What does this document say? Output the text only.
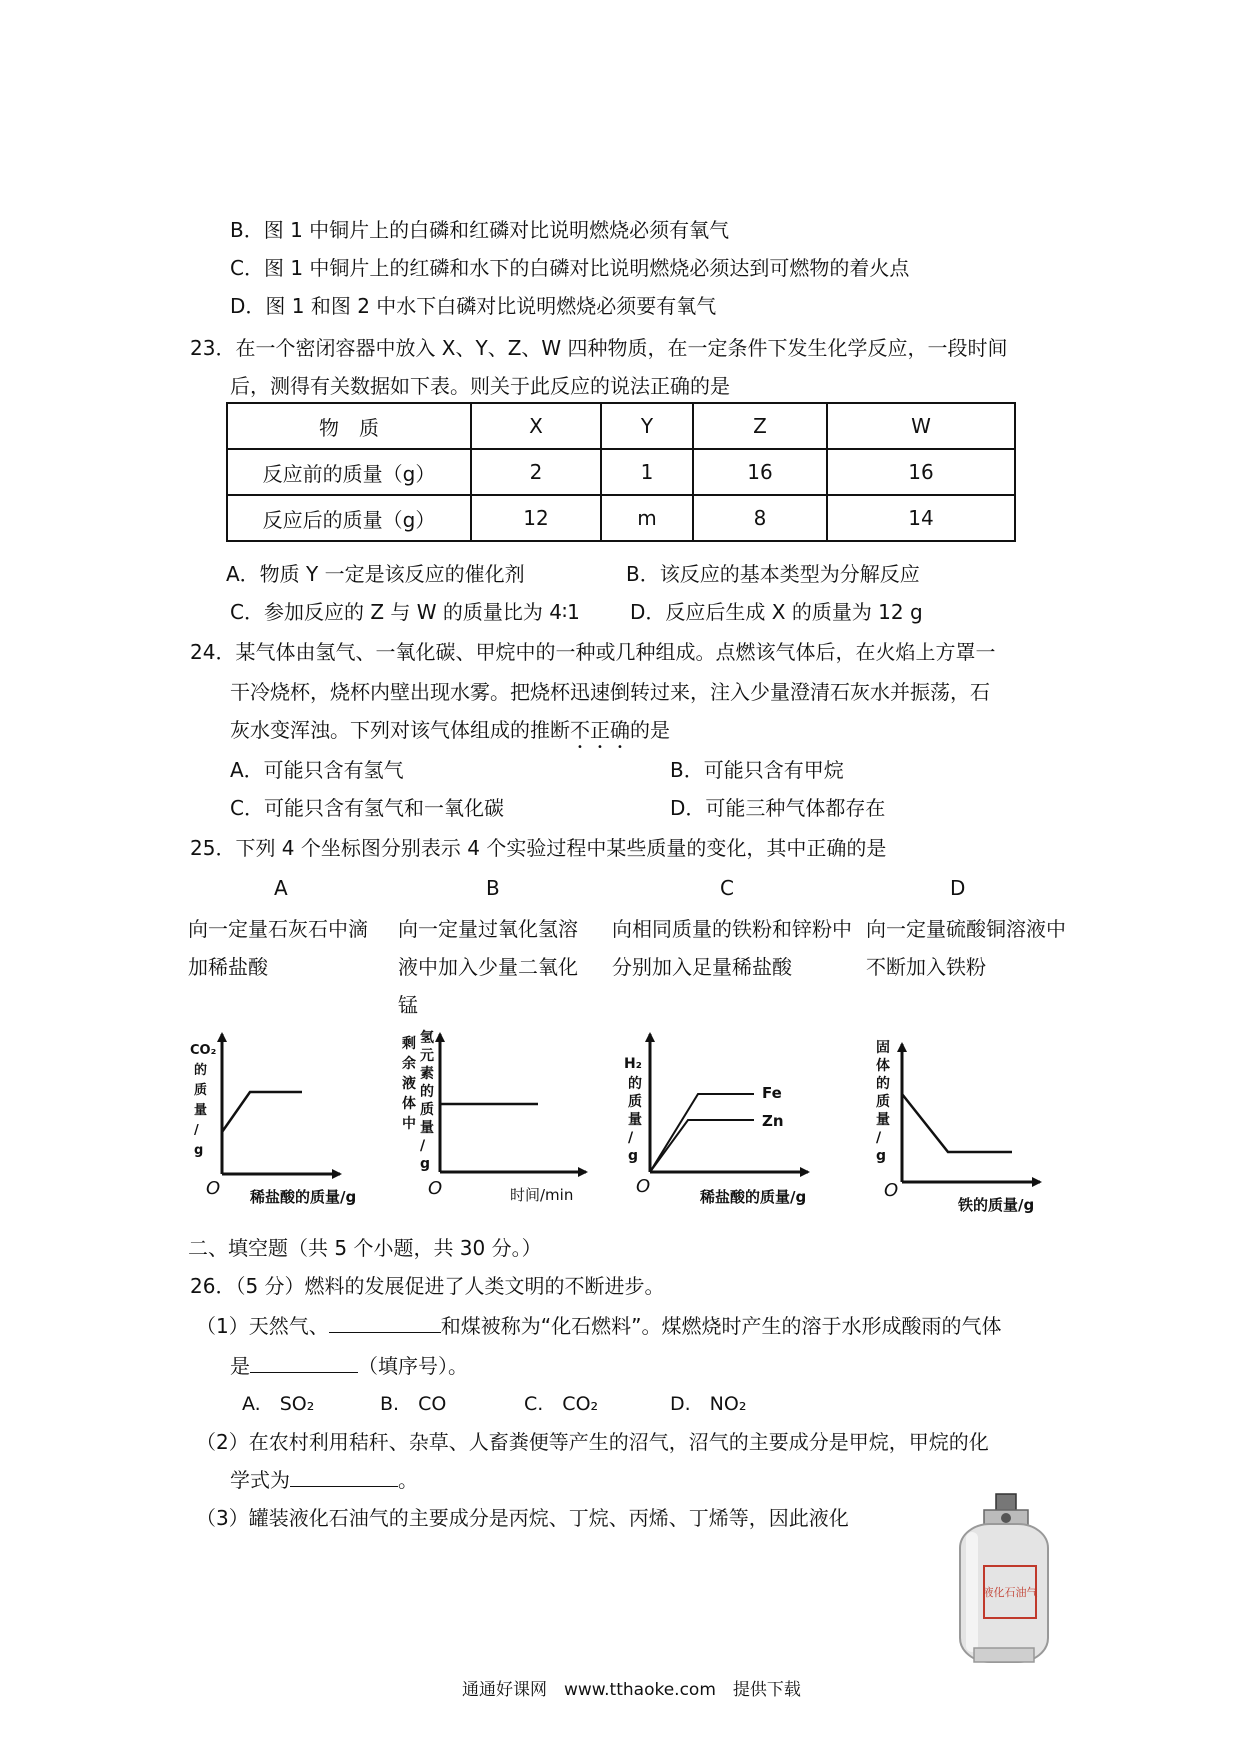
B．图 1 中铜片上的白磷和红磷对比说明燃烧必须有氧气
C．图 1 中铜片上的红磷和水下的白磷对比说明燃烧必须达到可燃物的着火点
D．图 1 和图 2 中水下白磷对比说明燃烧必须要有氧气
23．在一个密闭容器中放入 X、Y、Z、W 四种物质，在一定条件下发生化学反应，一段时间
后，测得有关数据如下表。则关于此反应的说法正确的是
物　质	X	Y	Z	W
反应前的质量（g）	2	1	16	16
反应后的质量（g）	12	m	8	14
A．物质 Y 一定是该反应的催化剂	B．该反应的基本类型为分解反应
C．参加反应的 Z 与 W 的质量比为 4∶1	D．反应后生成 X 的质量为 12 g
24．某气体由氢气、一氧化碳、甲烷中的一种或几种组成。点燃该气体后，在火焰上方罩一
干冷烧杯，烧杯内壁出现水雾。把烧杯迅速倒转过来，注入少量澄清石灰水并振荡，石
灰水变浑浊。下列对该气体组成的推断不正确的是
A．可能只含有氢气	B．可能只含有甲烷
C．可能只含有氢气和一氧化碳	D．可能三种气体都存在
25．下列 4 个坐标图分别表示 4 个实验过程中某些质量的变化，其中正确的是
A	B	C	D
向一定量石灰石中滴加稀盐酸
向一定量过氧化氢溶液中加入少量二氧化锰
向相同质量的铁粉和锌粉中分别加入足量稀盐酸
向一定量硫酸铜溶液中不断加入铁粉
CO₂ 的质量/ g
O 稀盐酸的质量/g
剩余液体中 氢元素的质量/ g
O	时间/min
Fe
Zn
H₂ 的质量/ g
O	稀盐酸的质量/g
固体的质量/ g
O
铁的质量/g
液化石油气
二、填空题（共 5 个小题，共 30 分。）
26．（5 分）燃料的发展促进了人类文明的不断进步。
（1）天然气、	和煤被称为“化石燃料”。煤燃烧时产生的溶于水形成酸雨的气体
是	（填序号）。
A.　SO₂	B.　CO	C.　CO₂	D.　NO₂
（2）在农村利用秸秆、杂草、人畜粪便等产生的沼气，沼气的主要成分是甲烷，甲烷的化
学式为	。
（3）罐装液化石油气的主要成分是丙烷、丁烷、丙烯、丁烯等，因此液化
通通好课网　www.tthaoke.com　提供下载
